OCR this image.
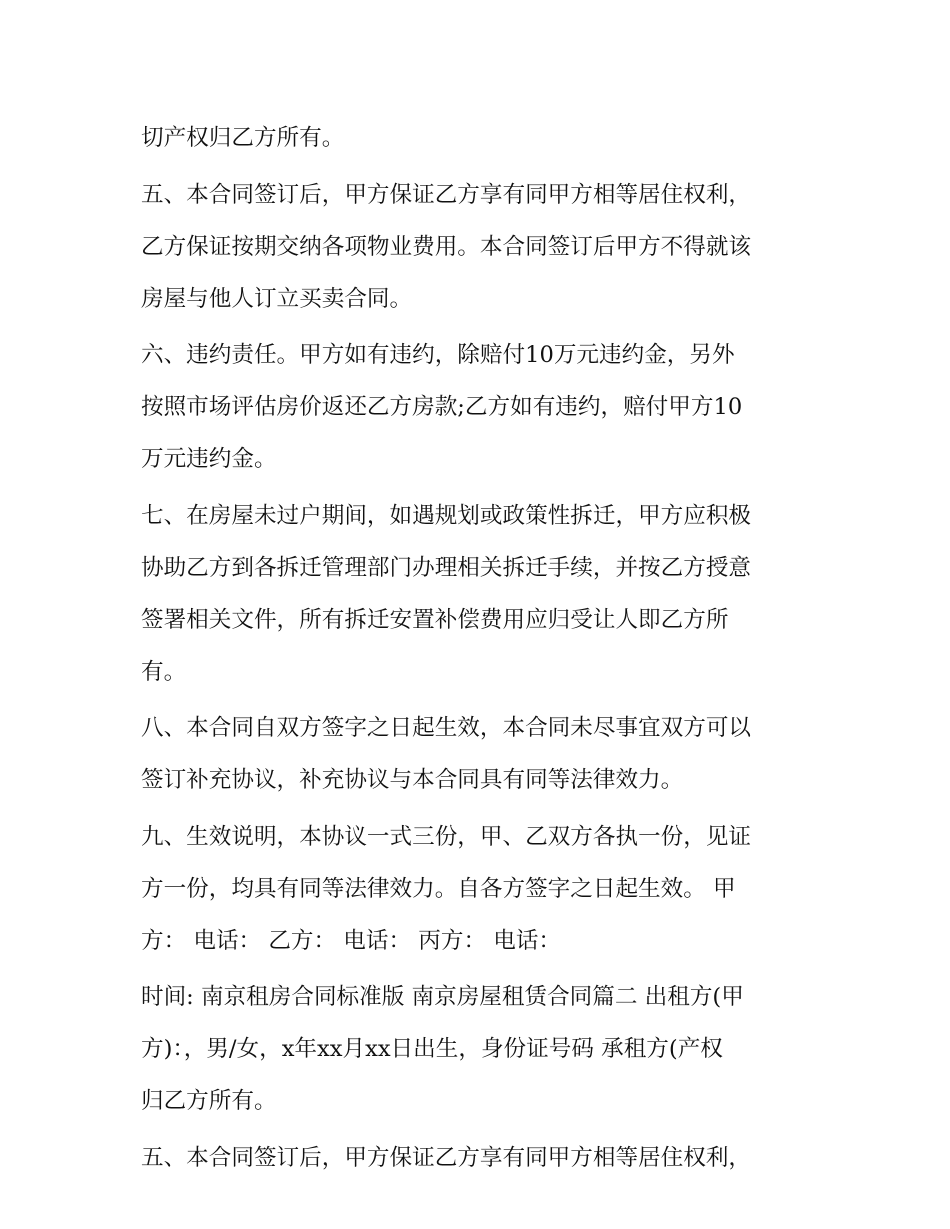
切产权归乙方所有。

五、本合同签订后，甲方保证乙方享有同甲方相等居住权利，
乙方保证按期交纳各项物业费用。本合同签订后甲方不得就该
房屋与他人订立买卖合同。

六、违约责任。甲方如有违约，除赔付10万元违约金，另外
按照市场评估房价返还乙方房款;乙方如有违约，赔付甲方10
万元违约金。

七、在房屋未过户期间，如遇规划或政策性拆迁，甲方应积极
协助乙方到各拆迁管理部门办理相关拆迁手续，并按乙方授意
签署相关文件，所有拆迁安置补偿费用应归受让人即乙方所
有。

八、本合同自双方签字之日起生效，本合同未尽事宜双方可以
签订补充协议，补充协议与本合同具有同等法律效力。

九、生效说明，本协议一式三份，甲、乙双方各执一份，见证
方一份，均具有同等法律效力。自各方签字之日起生效。 甲
方： 电话： 乙方： 电话： 丙方： 电话：

时间: 南京租房合同标准版 南京房屋租赁合同篇二 出租方(甲
方)：，男/女，x年xx月xx日出生，身份证号码 承租方(产权
归乙方所有。

五、本合同签订后，甲方保证乙方享有同甲方相等居住权利，
